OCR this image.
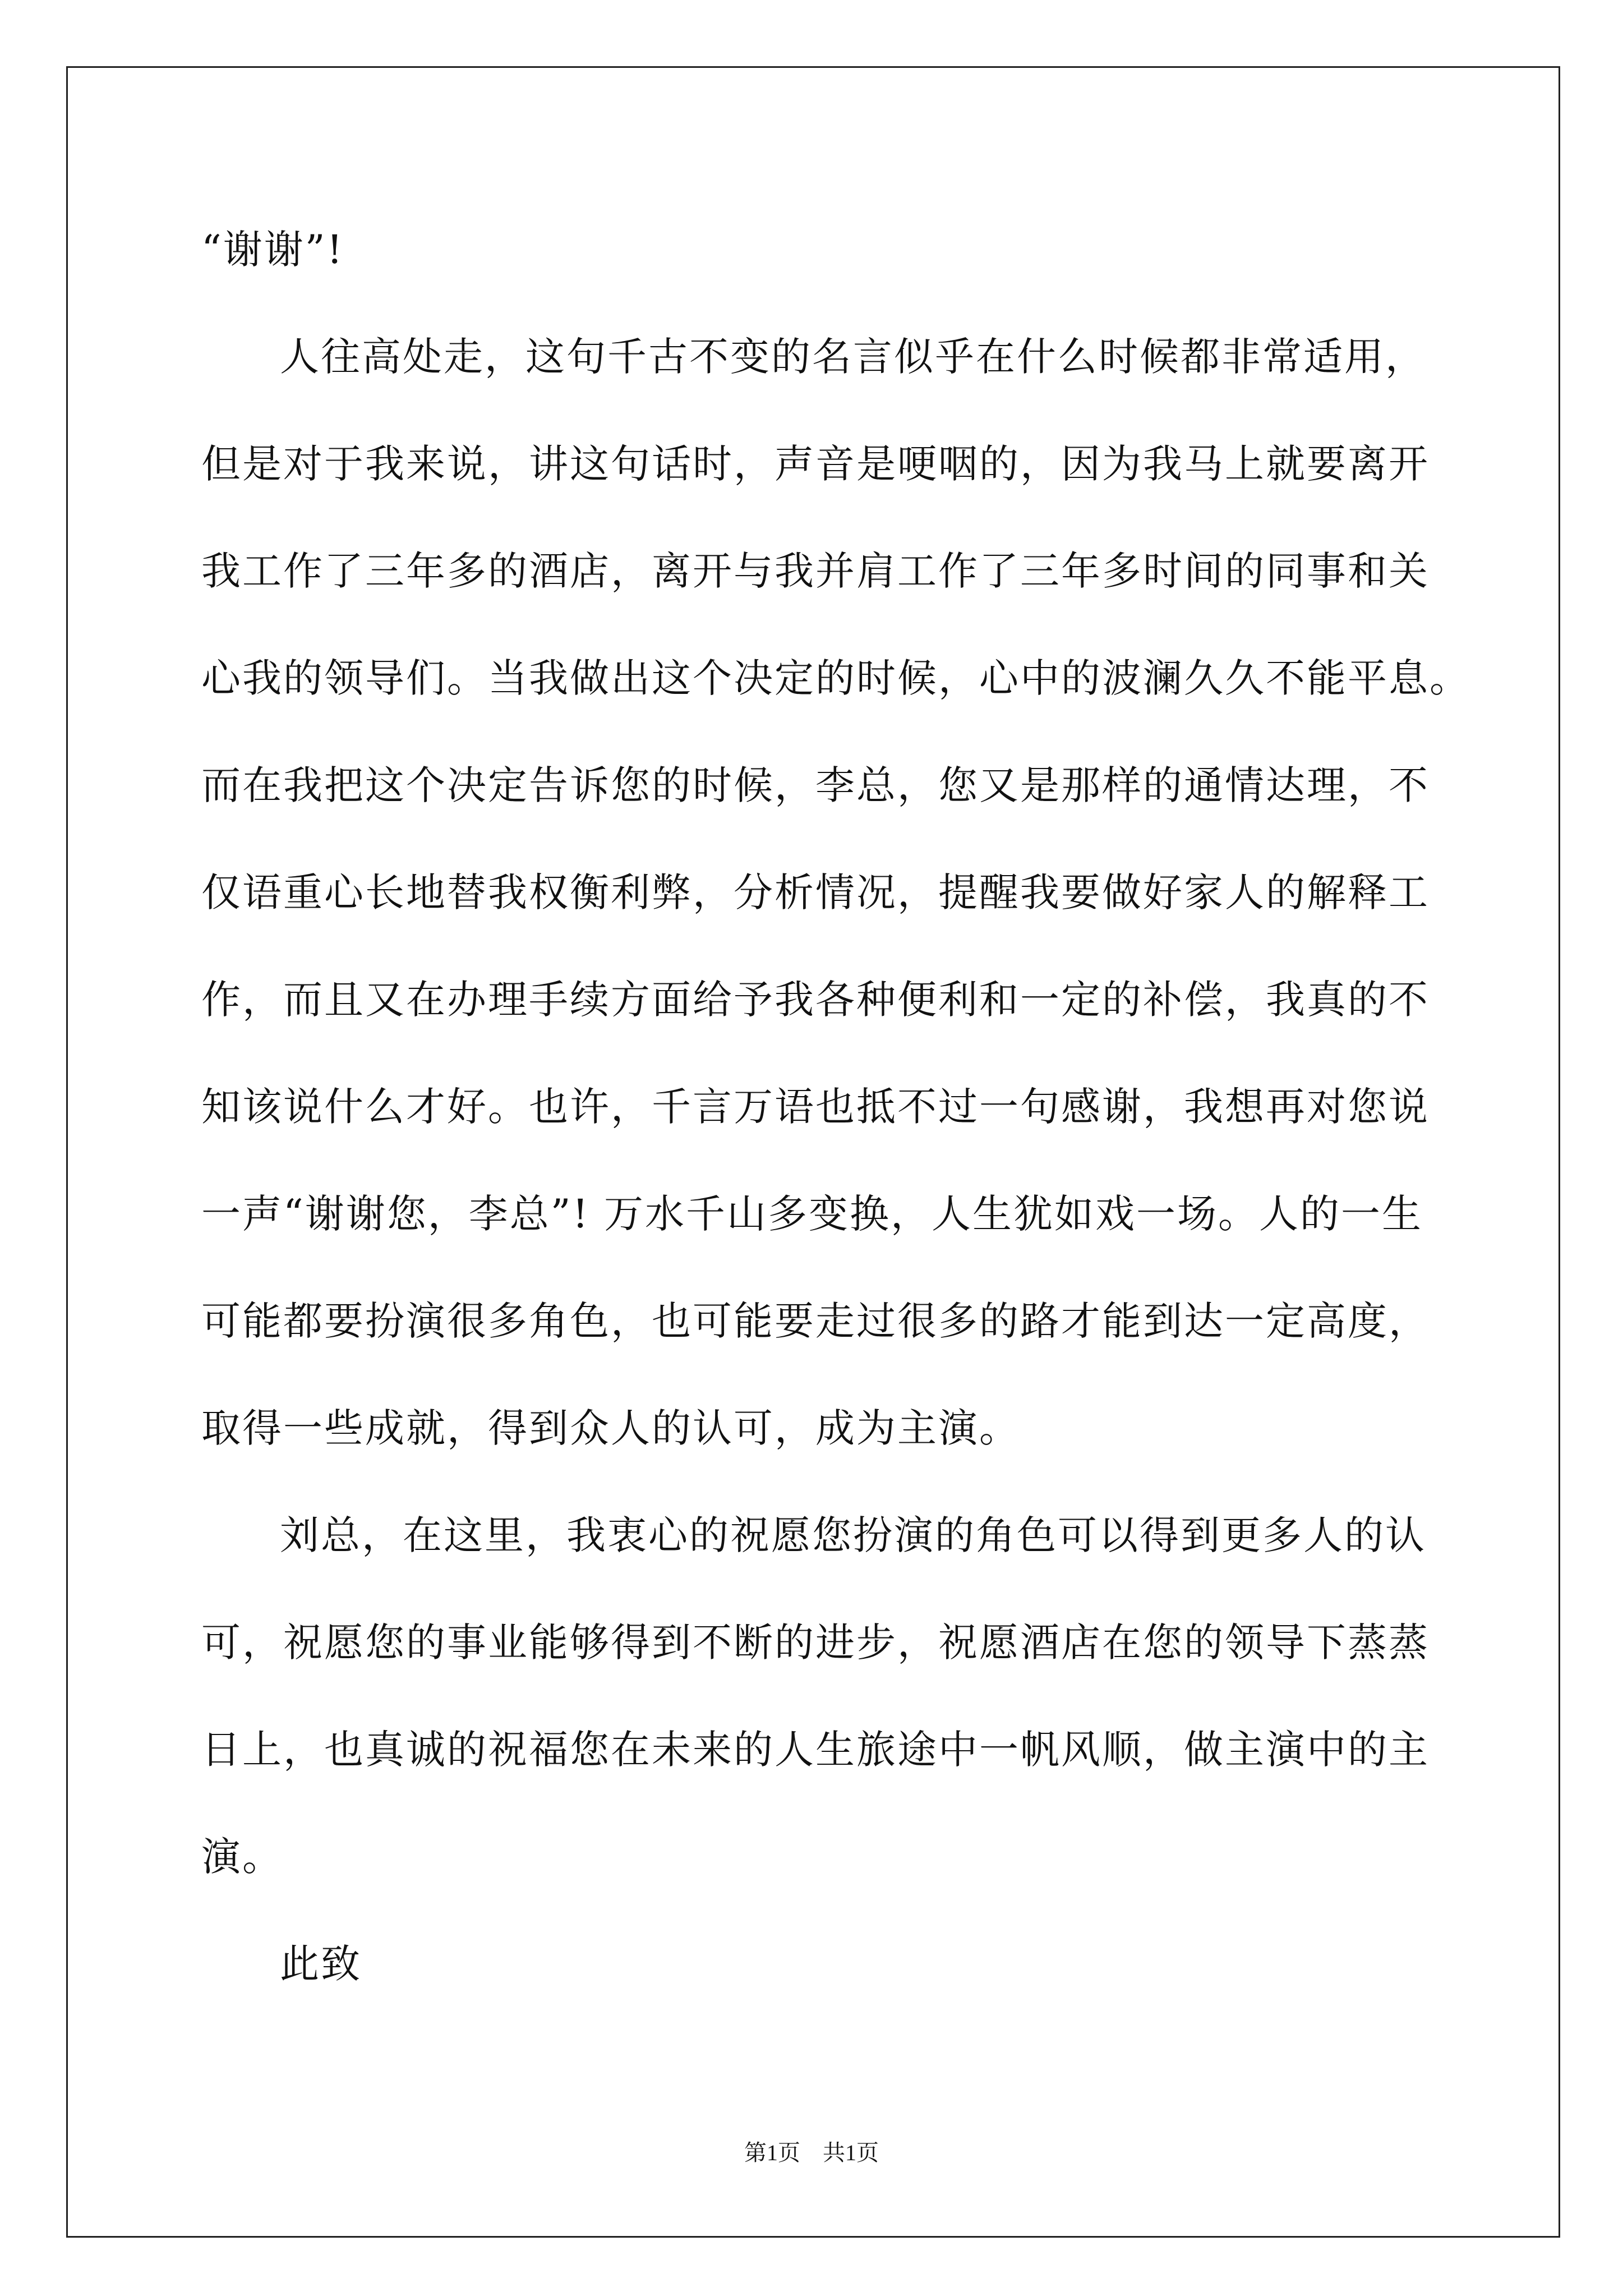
“谢谢”!
人往高处走，这句千古不变的名言似乎在什么时候都非常适用，
但是对于我来说，讲这句话时，声音是哽咽的，因为我马上就要离开
我工作了三年多的酒店，离开与我并肩工作了三年多时间的同事和关
心我的领导们。当我做出这个决定的时候，心中的波澜久久不能平息。
而在我把这个决定告诉您的时候，李总，您又是那样的通情达理，不
仅语重心长地替我权衡利弊，分析情况，提醒我要做好家人的解释工
作，而且又在办理手续方面给予我各种便利和一定的补偿，我真的不
知该说什么才好。也许，千言万语也抵不过一句感谢，我想再对您说
一声“谢谢您，李总”! 万水千山多变换，人生犹如戏一场。人的一生
可能都要扮演很多角色，也可能要走过很多的路才能到达一定高度，
取得一些成就，得到众人的认可，成为主演。
刘总，在这里，我衷心的祝愿您扮演的角色可以得到更多人的认
可，祝愿您的事业能够得到不断的进步，祝愿酒店在您的领导下蒸蒸
日上，也真诚的祝福您在未来的人生旅途中一帆风顺，做主演中的主
演。
此致
第1页　共1页
